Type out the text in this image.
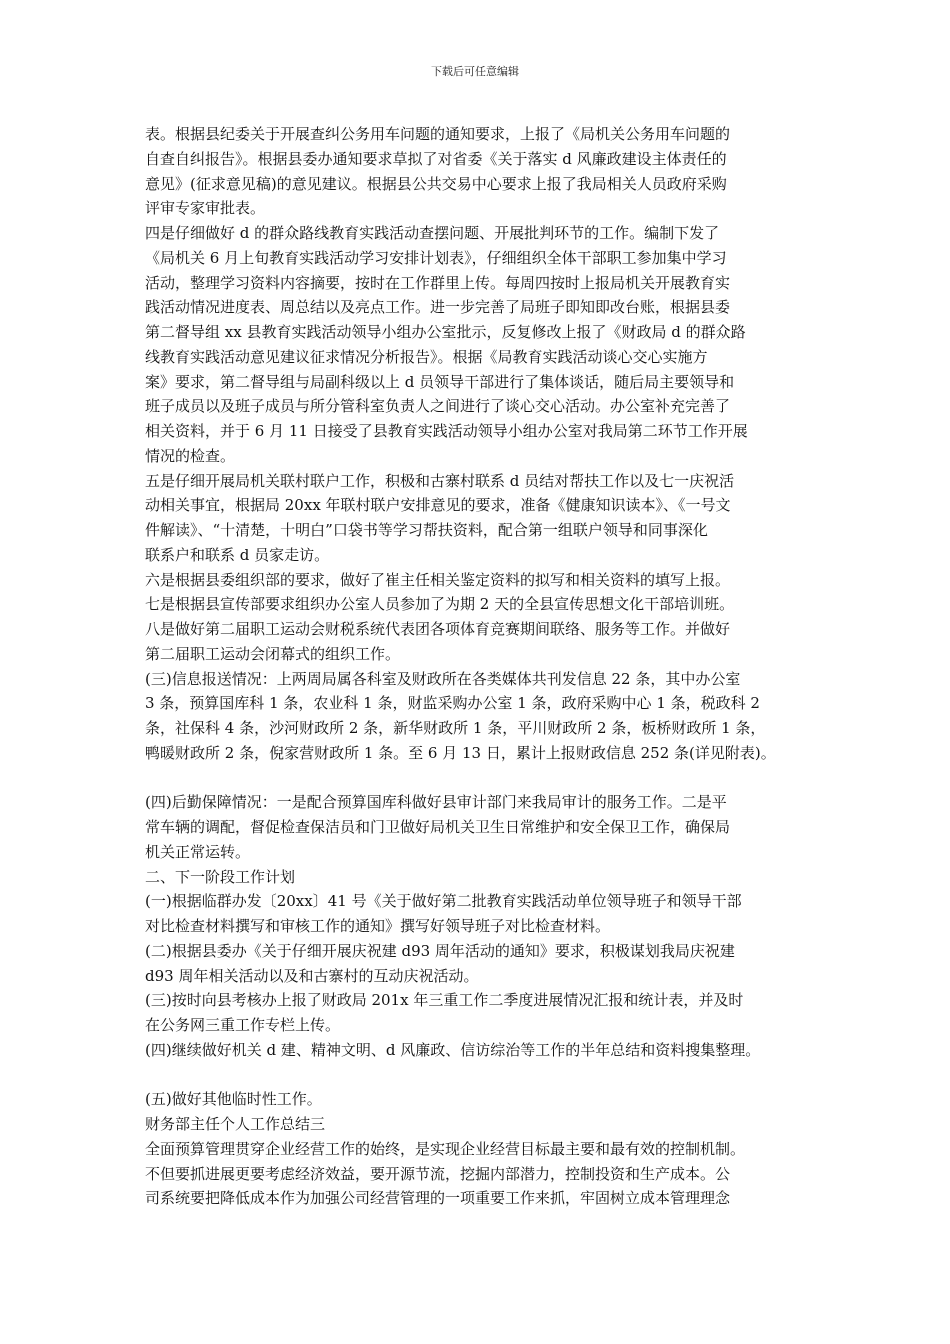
下载后可任意编辑
表。根据县纪委关于开展查纠公务用车问题的通知要求，上报了《局机关公务用车问题的
自查自纠报告》。根据县委办通知要求草拟了对省委《关于落实 d 风廉政建设主体责任的
意见》(征求意见稿)的意见建议。根据县公共交易中心要求上报了我局相关人员政府采购
评审专家审批表。
四是仔细做好 d 的群众路线教育实践活动查摆问题、开展批判环节的工作。编制下发了
《局机关 6 月上旬教育实践活动学习安排计划表》，仔细组织全体干部职工参加集中学习
活动，整理学习资料内容摘要，按时在工作群里上传。每周四按时上报局机关开展教育实
践活动情况进度表、周总结以及亮点工作。进一步完善了局班子即知即改台账，根据县委
第二督导组 xx 县教育实践活动领导小组办公室批示，反复修改上报了《财政局 d 的群众路
线教育实践活动意见建议征求情况分析报告》。根据《局教育实践活动谈心交心实施方
案》要求，第二督导组与局副科级以上 d 员领导干部进行了集体谈话，随后局主要领导和
班子成员以及班子成员与所分管科室负责人之间进行了谈心交心活动。办公室补充完善了
相关资料，并于 6 月 11 日接受了县教育实践活动领导小组办公室对我局第二环节工作开展
情况的检查。
五是仔细开展局机关联村联户工作，积极和古寨村联系 d 员结对帮扶工作以及七一庆祝活
动相关事宜，根据局 20xx 年联村联户安排意见的要求，准备《健康知识读本》、《一号文
件解读》、“十清楚，十明白”口袋书等学习帮扶资料，配合第一组联户领导和同事深化
联系户和联系 d 员家走访。
六是根据县委组织部的要求，做好了崔主任相关鉴定资料的拟写和相关资料的填写上报。
七是根据县宣传部要求组织办公室人员参加了为期 2 天的全县宣传思想文化干部培训班。
八是做好第二届职工运动会财税系统代表团各项体育竞赛期间联络、服务等工作。并做好
第二届职工运动会闭幕式的组织工作。
(三)信息报送情况：上两周局属各科室及财政所在各类媒体共刊发信息 22 条，其中办公室
3 条，预算国库科 1 条，农业科 1 条，财监采购办公室 1 条，政府采购中心 1 条，税政科 2
条，社保科 4 条，沙河财政所 2 条，新华财政所 1 条，平川财政所 2 条，板桥财政所 1 条，
鸭暖财政所 2 条，倪家营财政所 1 条。至 6 月 13 日，累计上报财政信息 252 条(详见附表)。
(四)后勤保障情况：一是配合预算国库科做好县审计部门来我局审计的服务工作。二是平
常车辆的调配，督促检查保洁员和门卫做好局机关卫生日常维护和安全保卫工作，确保局
机关正常运转。
二、下一阶段工作计划
(一)根据临群办发〔20xx〕41 号《关于做好第二批教育实践活动单位领导班子和领导干部
对比检查材料撰写和审核工作的通知》撰写好领导班子对比检查材料。
(二)根据县委办《关于仔细开展庆祝建 d93 周年活动的通知》要求，积极谋划我局庆祝建
d93 周年相关活动以及和古寨村的互动庆祝活动。
(三)按时向县考核办上报了财政局 201x 年三重工作二季度进展情况汇报和统计表，并及时
在公务网三重工作专栏上传。
(四)继续做好机关 d 建、精神文明、d 风廉政、信访综治等工作的半年总结和资料搜集整理。
(五)做好其他临时性工作。
财务部主任个人工作总结三
全面预算管理贯穿企业经营工作的始终，是实现企业经营目标最主要和最有效的控制机制。
不但要抓进展更要考虑经济效益，要开源节流，挖掘内部潜力，控制投资和生产成本。公
司系统要把降低成本作为加强公司经营管理的一项重要工作来抓，牢固树立成本管理理念
